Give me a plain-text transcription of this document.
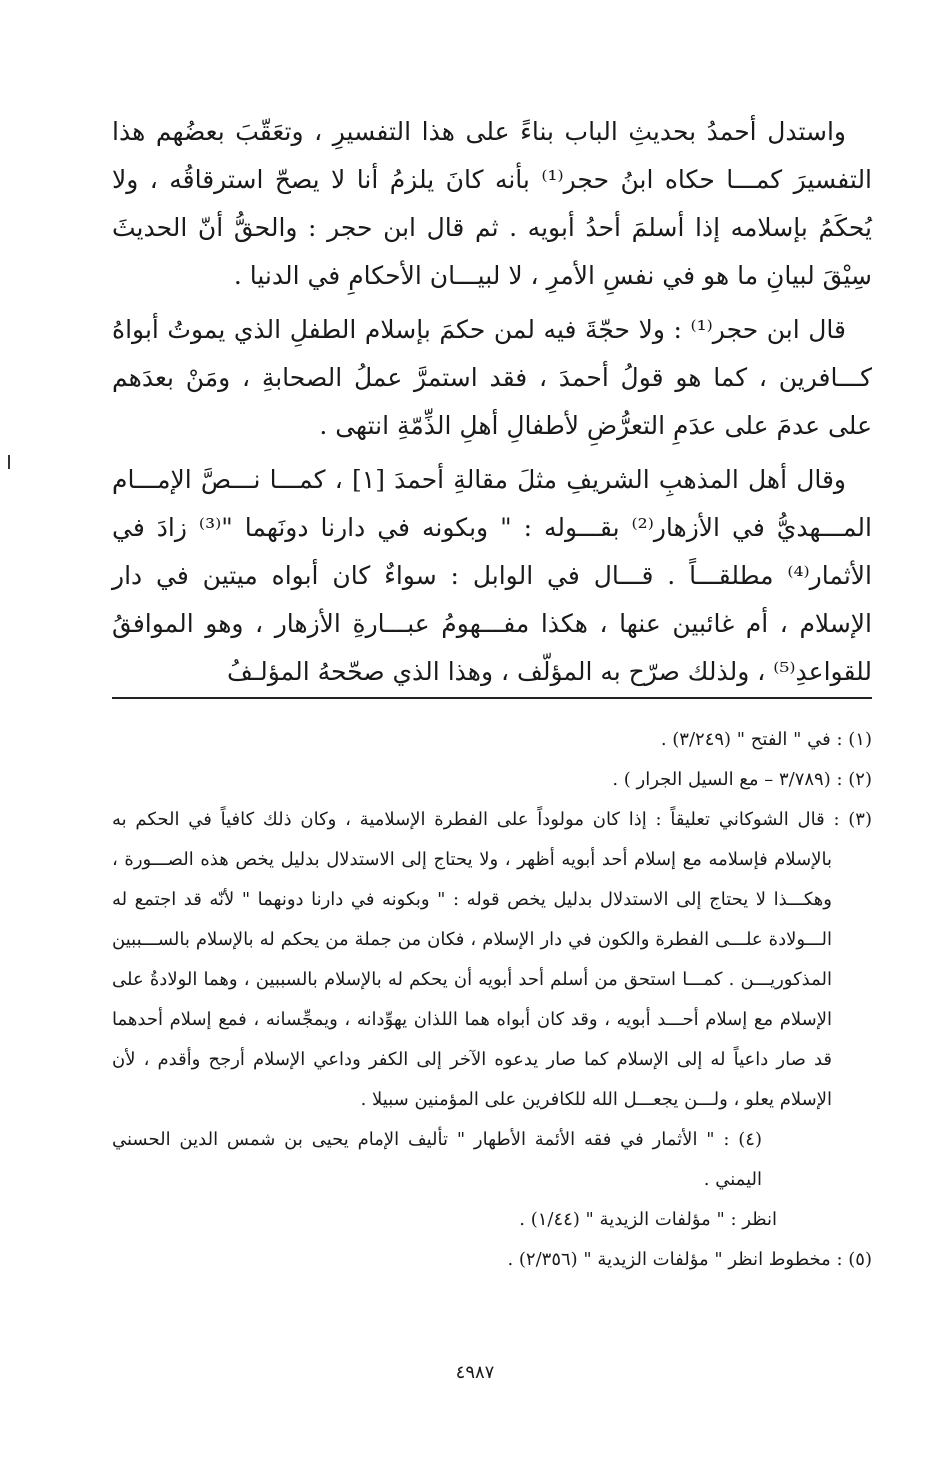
واستدل أحمدُ بحديثِ الباب بناءً على هذا التفسيرِ ، وتعَقّبَ بعضُهم هذا التفسيرَ كمـــا حكاه ابنُ حجر⁽¹⁾ بأنه كانَ يلزمُ أنا لا يصحّ استرقاقُه ، ولا يُحكَمُ بإسلامه إذا أسلمَ أحدُ أبويه . ثم قال ابن حجر : والحقُّ أنّ الحديثَ سِيْقَ لبيانِ ما هو في نفسِ الأمرِ ، لا لبيـــان الأحكامِ في الدنيا .

قال ابن حجر⁽¹⁾ : ولا حجّةَ فيه لمن حكمَ بإسلام الطفلِ الذي يموتُ أبواهُ كـــافرين ، كما هو قولُ أحمدَ ، فقد استمرَّ عملُ الصحابةِ ، ومَنْ بعدَهم على عدمَ على عدَمِ التعرُّضِ لأطفالِ أهلِ الذِّمّةِ انتهى .

وقال أهل المذهبِ الشريفِ مثلَ مقالةِ أحمدَ [١] ، كمـــا نـــصَّ الإمـــام المـــهديُّ في الأزهار⁽²⁾ بقـــوله : " وبكونه في دارنا دونَهما "⁽³⁾ زادَ في الأثمار⁽⁴⁾ مطلقـــاً . قـــال في الوابل : سواءٌ كان أبواه ميتين في دار الإسلام ، أم غائبين عنها ، هكذا مفـــهومُ عبـــارةِ الأزهار ، وهو الموافقُ للقواعدِ⁽⁵⁾ ، ولذلك صرّح به المؤلّف ، وهذا الذي صحّحهُ المؤلـفُ

(١) : في " الفتح " (٣/٢٤٩) .

(٢) : (٣/٧٨٩ – مع السيل الجرار ) .

(٣) : قال الشوكاني تعليقاً : إذا كان مولوداً على الفطرة الإسلامية ، وكان ذلك كافياً في الحكم به بالإسلام فإسلامه مع إسلام أحد أبويه أظهر ، ولا يحتاج إلى الاستدلال بدليل يخص هذه الصـــورة ، وهكـــذا لا يحتاج إلى الاستدلال بدليل يخص قوله : " وبكونه في دارنا دونهما " لأنّه قد اجتمع له الـــولادة علـــى الفطرة والكون في دار الإسلام ، فكان من جملة من يحكم له بالإسلام بالســـببين المذكوريـــن . كمـــا استحق من أسلم أحد أبويه أن يحكم له بالإسلام بالسببين ، وهما الولادةُ على الإسلام مع إسلام أحـــد أبويه ، وقد كان أبواه هما اللذان يهوِّدانه ، ويمجِّسانه ، فمع إسلام أحدهما قد صار داعياً له إلى الإسلام كما صار يدعوه الآخر إلى الكفر وداعي الإسلام أرجح وأقدم ، لأن الإسلام يعلو ، ولـــن يجعـــل الله للكافرين على المؤمنين سبيلا .

(٤) : " الأثمار في فقه الأئمة الأطهار " تأليف الإمام يحيى بن شمس الدين الحسني اليمني .

انظر : " مؤلفات الزيدية " (١/٤٤) .

(٥) : مخطوط انظر " مؤلفات الزيدية " (٢/٣٥٦) .

٤٩٨٧
